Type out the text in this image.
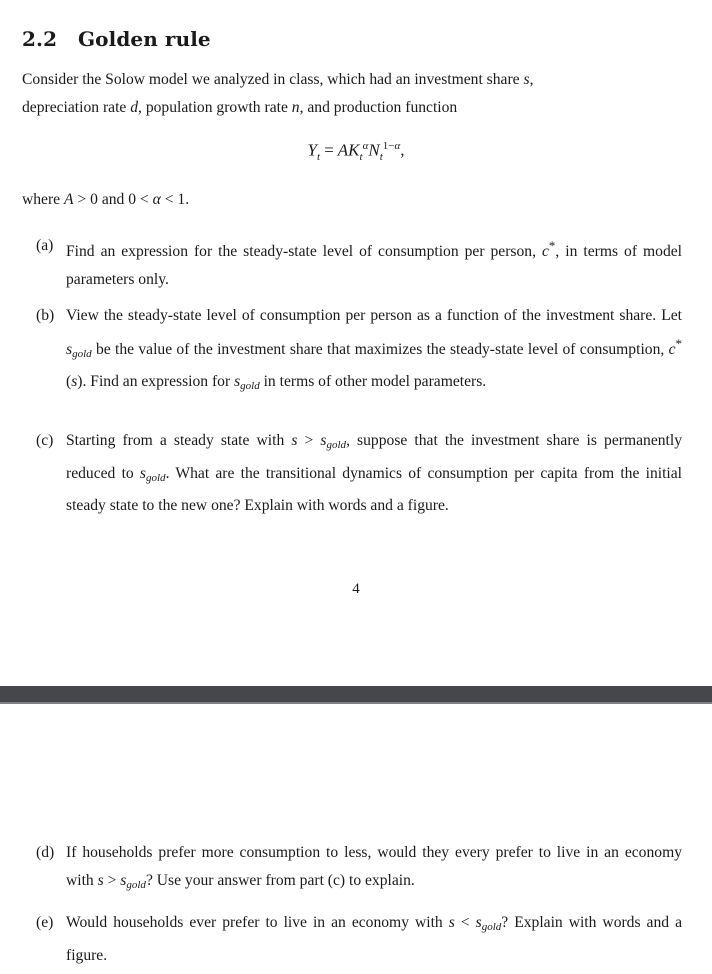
2.2 Golden rule
Consider the Solow model we analyzed in class, which had an investment share s,
depreciation rate d, population growth rate n, and production function
$Y_t = AK_t^\alpha N_t^{1-\alpha}$,
where A > 0 and 0 < α < 1.
(a) Find an expression for the steady-state level of consumption per person, c*, in terms of model parameters only.
(b) View the steady-state level of consumption per person as a function of the investment share. Let $s_{gold}$ be the value of the investment share that maximizes the steady-state level of consumption, c*(s). Find an expression for $s_{gold}$ in terms of other model parameters.
(c) Starting from a steady state with $s > s_{gold}$, suppose that the investment share is permanently reduced to $s_{gold}$. What are the transitional dynamics of consumption per capita from the initial steady state to the new one? Explain with words and a figure.
4
(d) If households prefer more consumption to less, would they every prefer to live in an economy with $s > s_{gold}$? Use your answer from part (c) to explain.
(e) Would households ever prefer to live in an economy with $s < s_{gold}$? Explain with words and a figure.
